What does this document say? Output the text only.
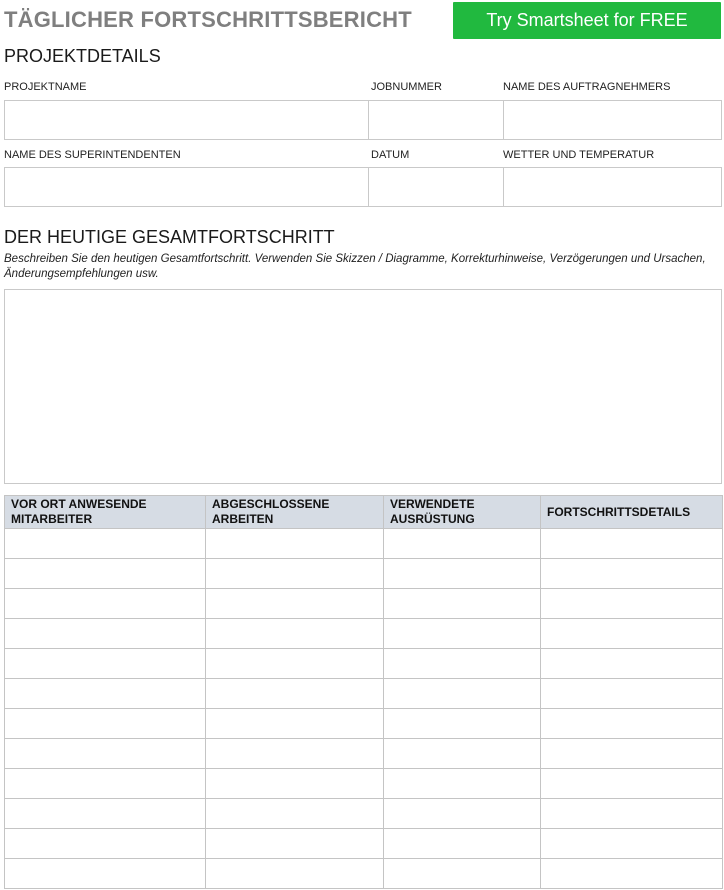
TÄGLICHER FORTSCHRITTSBERICHT	Try Smartsheet for FREE
PROJEKTDETAILS
PROJEKTNAME	JOBNUMMER	NAME DES AUFTRAGNEHMERS
NAME DES SUPERINTENDENTEN	DATUM	WETTER UND TEMPERATUR
DER HEUTIGE GESAMTFORTSCHRITT
Beschreiben Sie den heutigen Gesamtfortschritt. Verwenden Sie Skizzen / Diagramme, Korrekturhinweise, Verzögerungen und Ursachen, Änderungsempfehlungen usw.
VOR ORT ANWESENDE MITARBEITER	ABGESCHLOSSENE ARBEITEN	VERWENDETE AUSRÜSTUNG	FORTSCHRITTSDETAILS
